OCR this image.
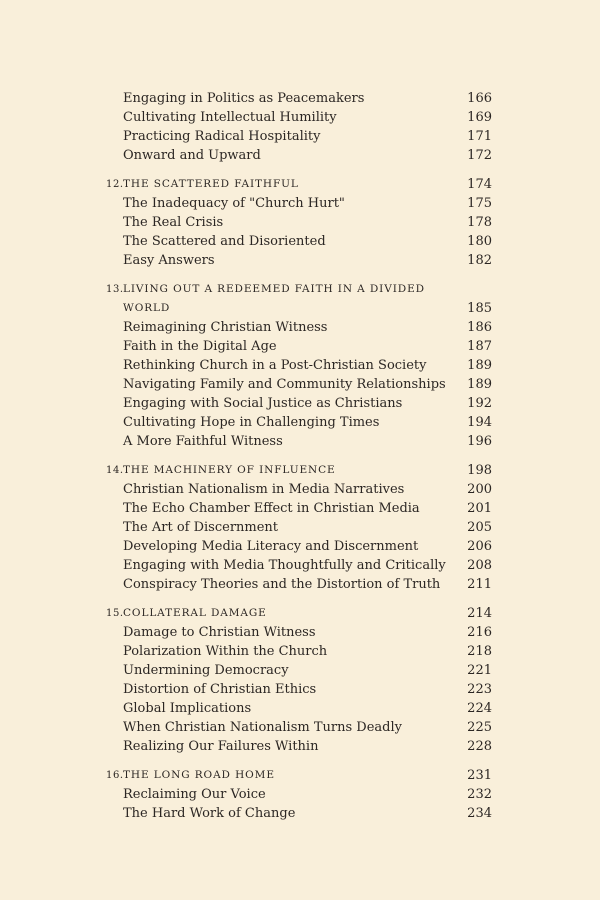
Engaging in Politics as Peacemakers	166
Cultivating Intellectual Humility	169
Practicing Radical Hospitality	171
Onward and Upward	172
12. THE SCATTERED FAITHFUL	174
The Inadequacy of "Church Hurt"	175
The Real Crisis	178
The Scattered and Disoriented	180
Easy Answers	182
13. LIVING OUT A REDEEMED FAITH IN A DIVIDED
WORLD	185
Reimagining Christian Witness	186
Faith in the Digital Age	187
Rethinking Church in a Post-Christian Society	189
Navigating Family and Community Relationships 189
Engaging with Social Justice as Christians	192
Cultivating Hope in Challenging Times	194
A More Faithful Witness	196
14. THE MACHINERY OF INFLUENCE	198
Christian Nationalism in Media Narratives	200
The Echo Chamber Effect in Christian Media	201
The Art of Discernment	205
Developing Media Literacy and Discernment	206
Engaging with Media Thoughtfully and Critically 208
Conspiracy Theories and the Distortion of Truth 211
15. COLLATERAL DAMAGE	214
Damage to Christian Witness	216
Polarization Within the Church	218
Undermining Democracy	221
Distortion of Christian Ethics	223
Global Implications	224
When Christian Nationalism Turns Deadly	225
Realizing Our Failures Within	228
16. THE LONG ROAD HOME	231
Reclaiming Our Voice	232
The Hard Work of Change	234
